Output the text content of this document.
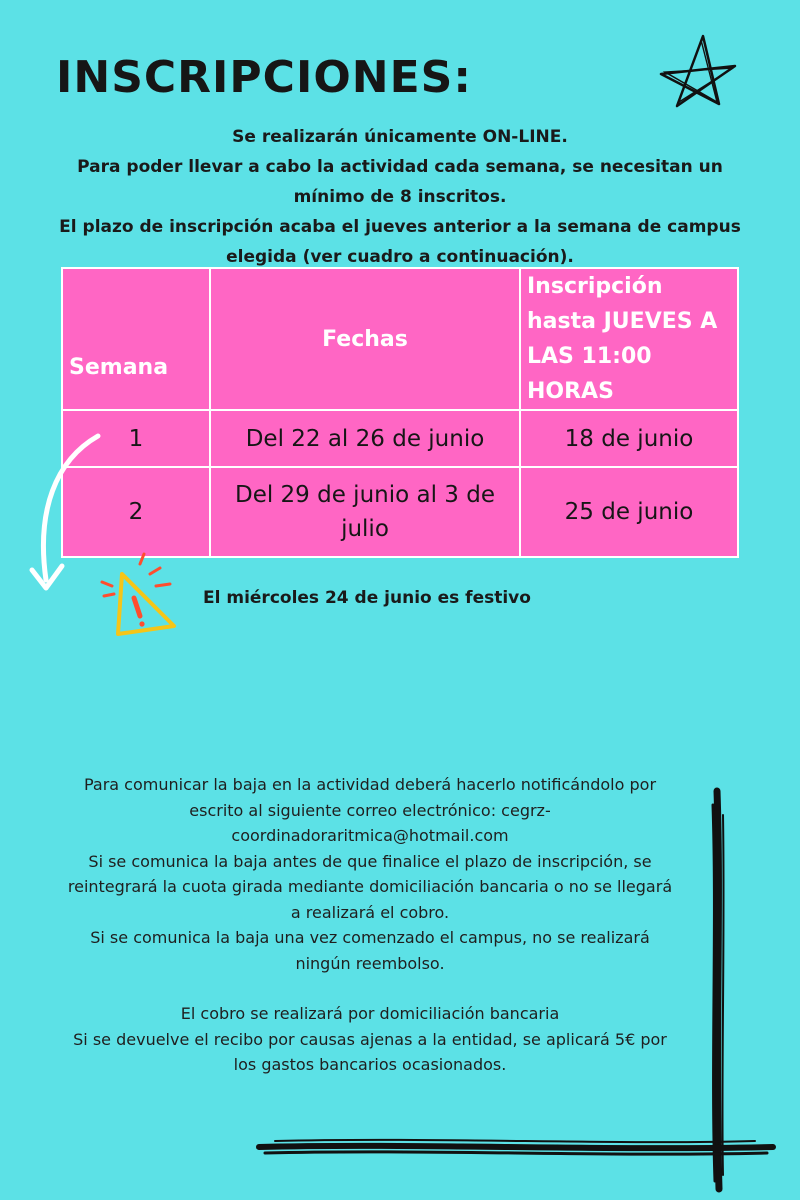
INSCRIPCIONES:
Se realizarán únicamente ON-LINE.
Para poder llevar a cabo la actividad cada semana, se necesitan un
mínimo de 8 inscritos.
El plazo de inscripción acaba el jueves anterior a la semana de campus
elegida (ver cuadro a continuación).
Semana	Fechas	Inscripción hasta JUEVES A LAS 11:00 HORAS
1	Del 22 al 26 de junio	18 de junio
2	Del 29 de junio al 3 de julio	25 de junio
El miércoles 24 de junio es festivo
Para comunicar la baja en la actividad deberá hacerlo notificándolo por
escrito al siguiente correo electrónico: cegrz-
coordinadoraritmica@hotmail.com
Si se comunica la baja antes de que finalice el plazo de inscripción, se
reintegrará la cuota girada mediante domiciliación bancaria o no se llegará
a realizará el cobro.
Si se comunica la baja una vez comenzado el campus, no se realizará
ningún reembolso.
El cobro se realizará por domiciliación bancaria
Si se devuelve el recibo por causas ajenas a la entidad, se aplicará 5€ por
los gastos bancarios ocasionados.
